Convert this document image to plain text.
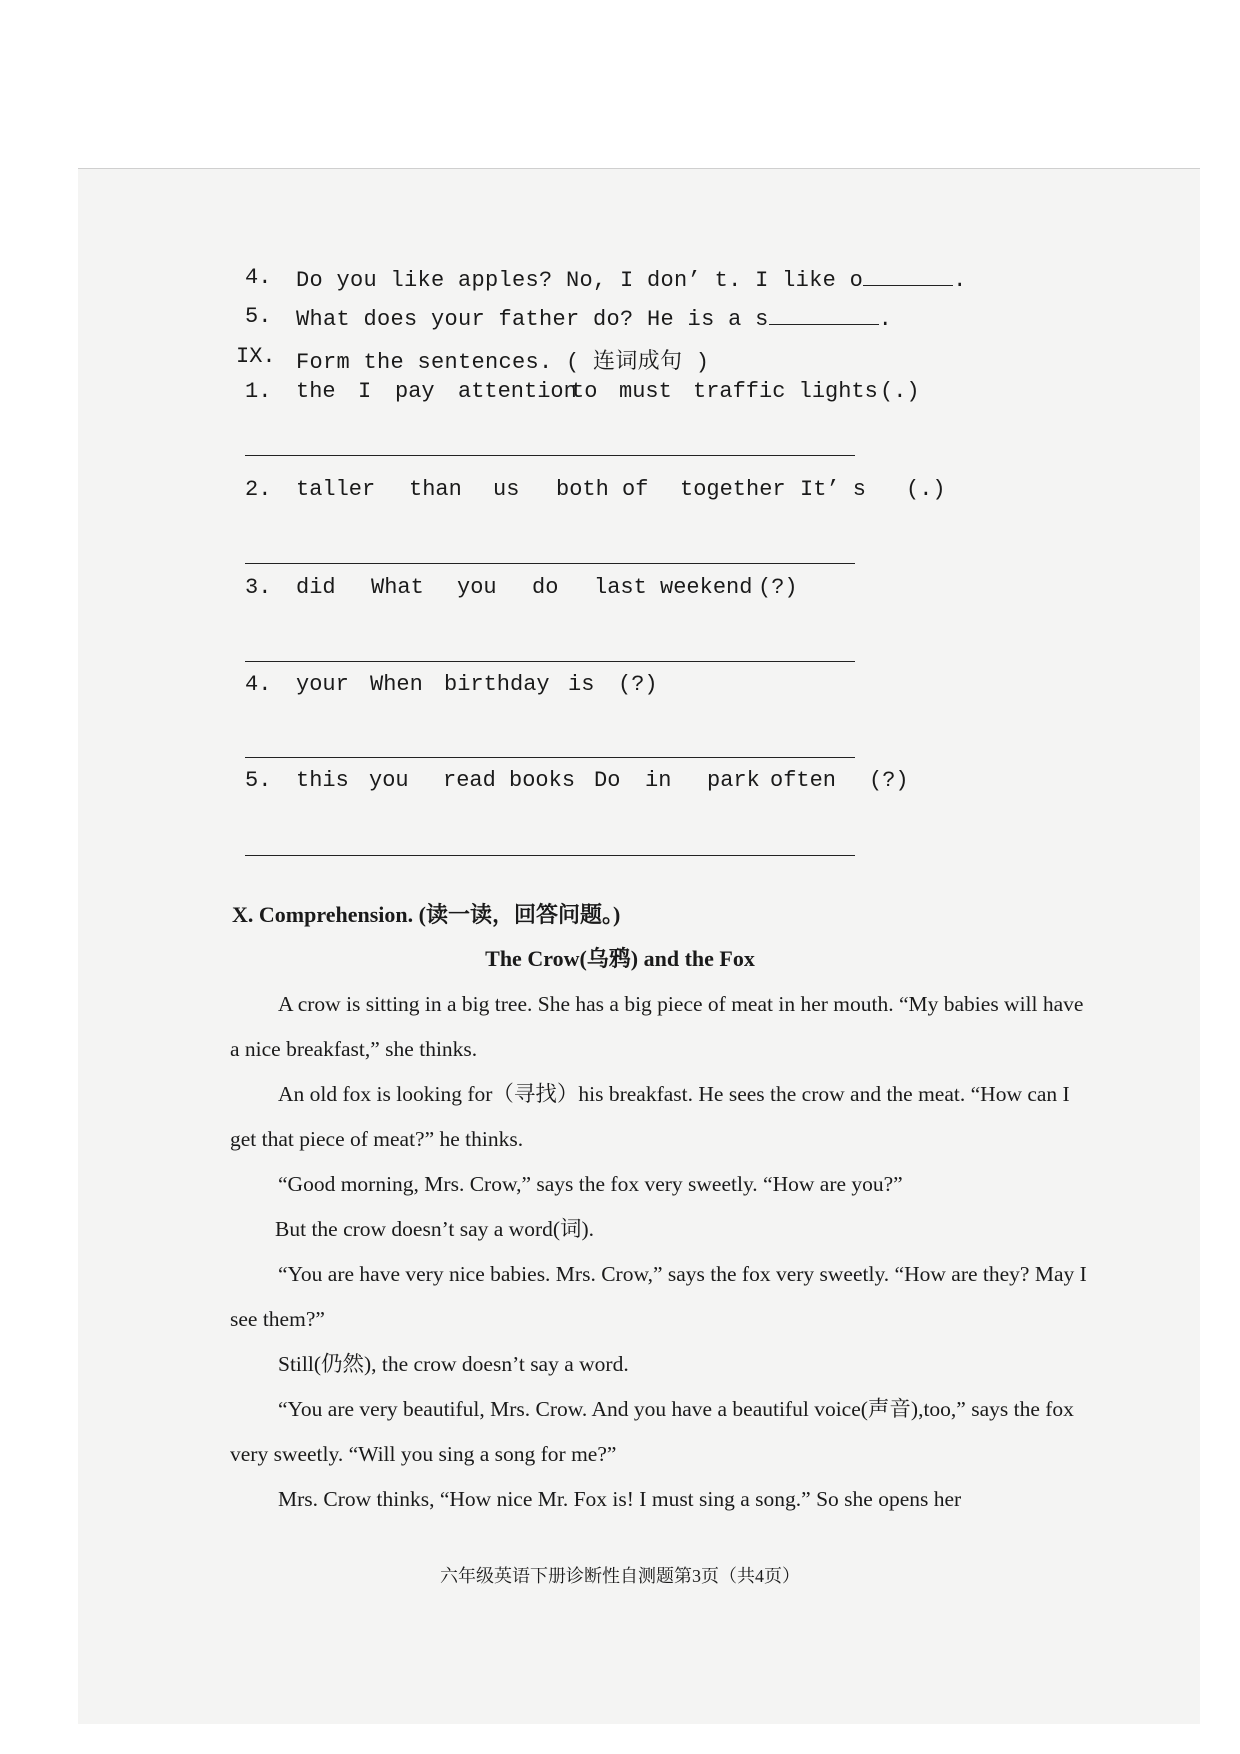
4. Do you like apples? No, I don’ t. I like o	.
5. What does your father do? He is a s	.
IX. Form the sentences. ( 连词成句 )
1. the I pay attention
to must traffic lights (.)
2. taller than us both of together It’ s (.)
3. did What you do last weekend (?)
4. your When birthday is (?)
5. this you read books Do in park often (?)
X. Comprehension. (读一读，回答问题。)
The Crow(乌鸦) and the Fox

A crow is sitting in a big tree. She has a big piece of meat in her mouth. “My babies will have a nice breakfast,” she thinks.

An old fox is looking for（寻找）his breakfast. He sees the crow and the meat. “How can I get that piece of meat?” he thinks.

“Good morning, Mrs. Crow,” says the fox very sweetly. “How are you?”

But the crow doesn’t say a word(词).

“You are have very nice babies. Mrs. Crow,” says the fox very sweetly. “How are they? May I see them?”

Still(仍然), the crow doesn’t say a word.

“You are very beautiful, Mrs. Crow. And you have a beautiful voice(声音),too,” says the fox very sweetly. “Will you sing a song for me?”

Mrs. Crow thinks, “How nice Mr. Fox is! I must sing a song.” So she opens her

六年级英语下册诊断性自测题第3页（共4页）
